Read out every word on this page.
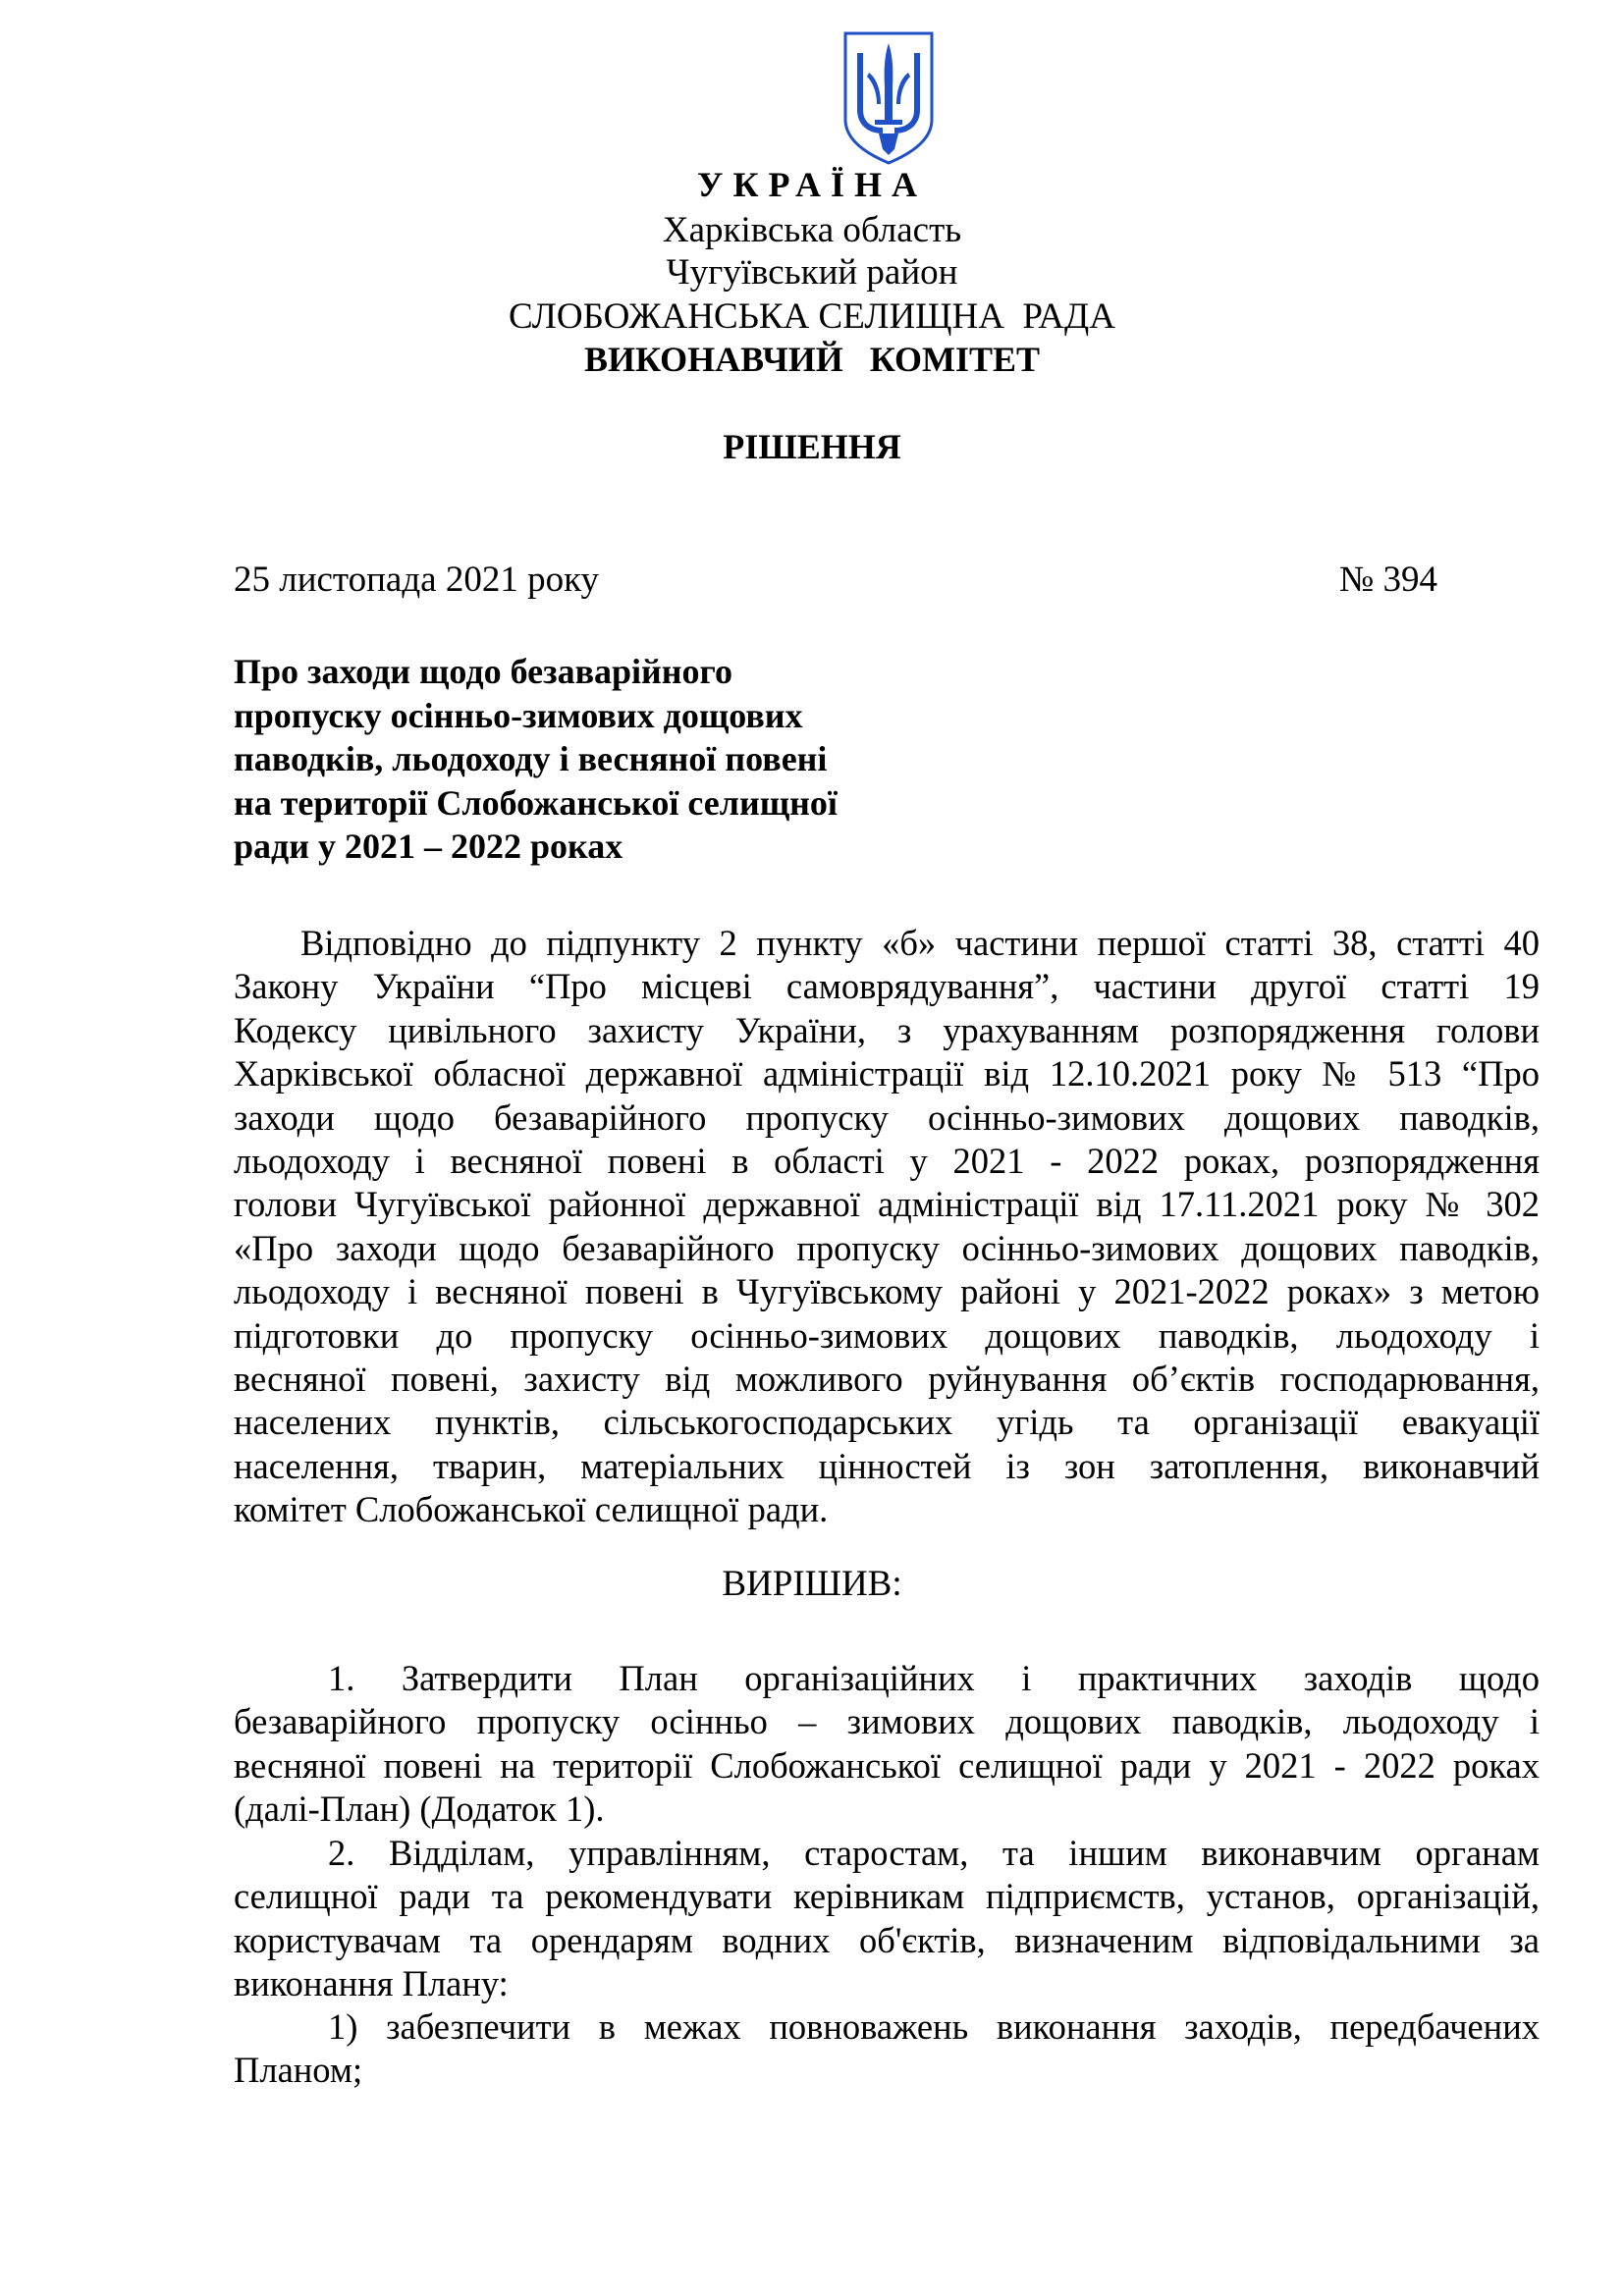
УКРАЇНА
Харківська область
Чугуївський район
СЛОБОЖАНСЬКА СЕЛИЩНА  РАДА
ВИКОНАВЧИЙ   КОМІТЕТ
РІШЕННЯ
25 листопада 2021 року	№ 394
Про заходи щодо безаварійного
пропуску осінньо-зимових дощових
паводків, льодоходу і весняної повені
на території Слобожанської селищної
ради у 2021 – 2022 роках
Відповідно до підпункту 2 пункту «б» частини першої статті 38, статті 40
Закону України “Про місцеві самоврядування”, частини другої статті 19
Кодексу цивільного захисту України, з урахуванням розпорядження голови
Харківської обласної державної адміністрації від 12.10.2021 року № 513 “Про
заходи щодо безаварійного пропуску осінньо-зимових дощових паводків,
льодоходу і весняної повені в області у 2021 - 2022 роках, розпорядження
голови Чугуївської районної державної адміністрації від 17.11.2021 року № 302
«Про заходи щодо безаварійного пропуску осінньо-зимових дощових паводків,
льодоходу і весняної повені в Чугуївському районі у 2021-2022 роках» з метою
підготовки до пропуску осінньо-зимових дощових паводків, льодоходу і
весняної повені, захисту від можливого руйнування об’єктів господарювання,
населених пунктів, сільськогосподарських угідь та організації евакуації
населення, тварин, матеріальних цінностей із зон затоплення, виконавчий
комітет Слобожанської селищної ради.
ВИРІШИВ:
1. Затвердити План організаційних і практичних заходів щодо
безаварійного пропуску осінньо – зимових дощових паводків, льодоходу і
весняної повені на території Слобожанської селищної ради у 2021 - 2022 роках
(далі-План) (Додаток 1).
2. Відділам, управлінням, старостам, та іншим виконавчим органам
селищної ради та рекомендувати керівникам підприємств, установ, організацій,
користувачам та орендарям водних об'єктів, визначеним відповідальними за
виконання Плану:
1) забезпечити в межах повноважень виконання заходів, передбачених
Планом;
